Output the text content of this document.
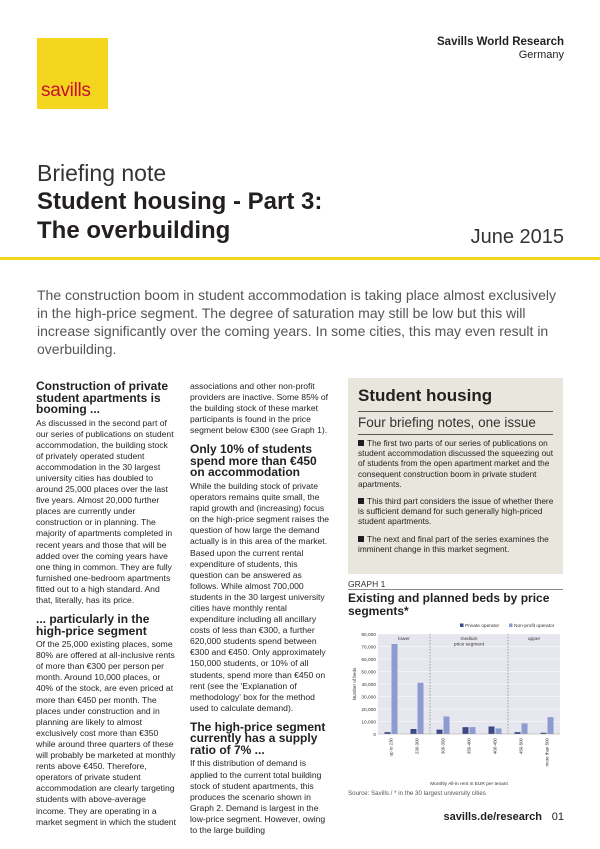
savills
Savills World Research
Germany
Briefing note
Student housing - Part 3:
The overbuilding	June 2015
The construction boom in student accommodation is taking place almost exclusively in the high-price segment. The degree of saturation may still be low but this will increase significantly over the coming years. In some cities, this may even result in overbuilding.
Construction of private student apartments is booming ...

As discussed in the second part of our series of publications on student accommodation, the building stock of privately operated student accommodation in the 30 largest university cities has doubled to around 25,000 places over the last five years. Almost 20,000 further places are currently under construction or in planning. The majority of apartments completed in recent years and those that will be added over the coming years have one thing in common. They are fully furnished one-bedroom apartments fitted out to a high standard. And that, literally, has its price.

... particularly in the high-price segment

Of the 25,000 existing places, some 80% are offered at all-inclusive rents of more than €300 per person per month. Around 10,000 places, or 40% of the stock, are even priced at more than €450 per month. The places under construction and in planning are likely to almost exclusively cost more than €350 while around three quarters of these will probably be marketed at monthly rents above €450. Therefore, operators of private student accommodation are clearly targeting students with above-average income. They are operating in a market segment in which the student

associations and other non-profit providers are inactive. Some 85% of the building stock of these market participants is found in the price segment below €300 (see Graph 1).

Only 10% of students spend more than €450 on accommodation

While the building stock of private operators remains quite small, the rapid growth and (increasing) focus on the high-price segment raises the question of how large the demand actually is in this area of the market. Based upon the current rental expenditure of students, this question can be answered as follows. While almost 700,000 students in the 30 largest university cities have monthly rental expenditure including all ancillary costs of less than €300, a further 620,000 students spend between €300 and €450. Only approximately 150,000 students, or 10% of all students, spend more than €450 on rent (see the 'Explanation of methodology' box for the method used to calculate demand).

The high-price segment currently has a supply ratio of 7% ...

If this distribution of demand is applied to the current total building stock of student apartments, this produces the scenario shown in Graph 2. Demand is largest in the low-price segment. However, owing to the large building

Student housing
Four briefing notes, one issue
The first two parts of our series of publications on student accommodation discussed the squeezing out of students from the open apartment market and the consequent construction boom in private student apartments.
This third part considers the issue of whether there is sufficient demand for such generally high-priced student apartments.
The next and final part of the series examines the imminent change in this market segment.
GRAPH 1
Existing and planned beds by price segments*
0
10,000
20,000
30,000
40,000
50,000
60,000
70,000
80,000
Number of beds
up to 230	230-300	300-350	350-400	400-450	450-500	more than 500
lower	medium
price segment
upper
Private operator	Non-profit operator
Monthly All-in rent in EUR per tenant
Source: Savills / * in the 30 largest university cities
savills.de/research 01
